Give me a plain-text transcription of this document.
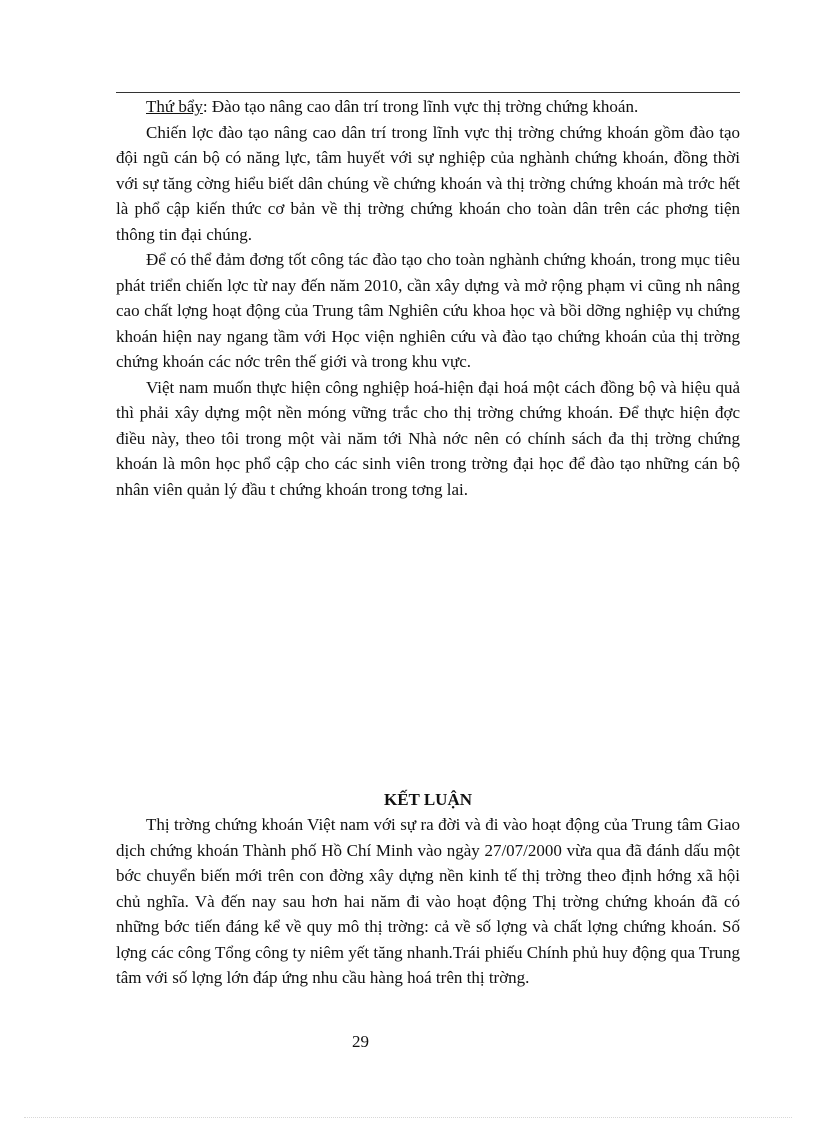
Thứ bẩy: Đào tạo nâng cao dân trí trong lĩnh vực thị trờng chứng khoán.

Chiến lợc đào tạo nâng cao dân trí trong lĩnh vực thị trờng chứng khoán gồm đào tạo đội ngũ cán bộ có năng lực, tâm huyết với sự nghiệp của nghành chứng khoán, đồng thời với sự tăng cờng hiểu biết dân chúng về chứng khoán và thị trờng chứng khoán mà trớc hết là phổ cập kiến thức cơ bản về thị trờng chứng khoán cho toàn dân trên các phơng tiện thông tin đại chúng.

Để có thể đảm đơng tốt công tác đào tạo cho toàn nghành chứng khoán, trong mục tiêu phát triển chiến lợc từ nay đến năm 2010, cần xây dựng và mở rộng phạm vi cũng nh nâng cao chất lợng hoạt động của Trung tâm Nghiên cứu khoa học và bồi dỡng nghiệp vụ chứng khoán hiện nay ngang tầm với Học viện nghiên cứu và đào tạo chứng khoán của thị trờng chứng khoán các nớc trên thế giới và trong khu vực.

Việt nam muốn thực hiện công nghiệp hoá-hiện đại hoá một cách đồng bộ và hiệu quả thì phải xây dựng một nền móng vững trắc cho thị trờng chứng khoán. Để thực hiện đợc điều này, theo tôi trong một vài năm tới Nhà nớc nên có chính sách đa thị trờng chứng khoán là môn học phổ cập cho các sinh viên trong trờng đại học để đào tạo những cán bộ nhân viên quản lý đầu t chứng khoán trong tơng lai.

KẾT LUẬN

Thị trờng chứng khoán Việt nam với sự ra đời và đi vào hoạt động của Trung tâm Giao dịch chứng khoán Thành phố Hồ Chí Minh vào ngày 27/07/2000 vừa qua đã đánh dấu một bớc chuyển biến mới trên con đờng xây dựng nền kinh tế thị trờng theo định hớng xã hội chủ nghĩa. Và đến nay sau hơn hai năm đi vào hoạt động Thị trờng chứng khoán đã có những bớc tiến đáng kể về quy mô thị trờng: cả về số lợng và chất lợng chứng khoán. Số lợng các công Tổng công ty niêm yết tăng nhanh.Trái phiếu Chính phủ huy động qua Trung tâm với số lợng lớn đáp ứng nhu cầu hàng hoá trên thị trờng.

29
